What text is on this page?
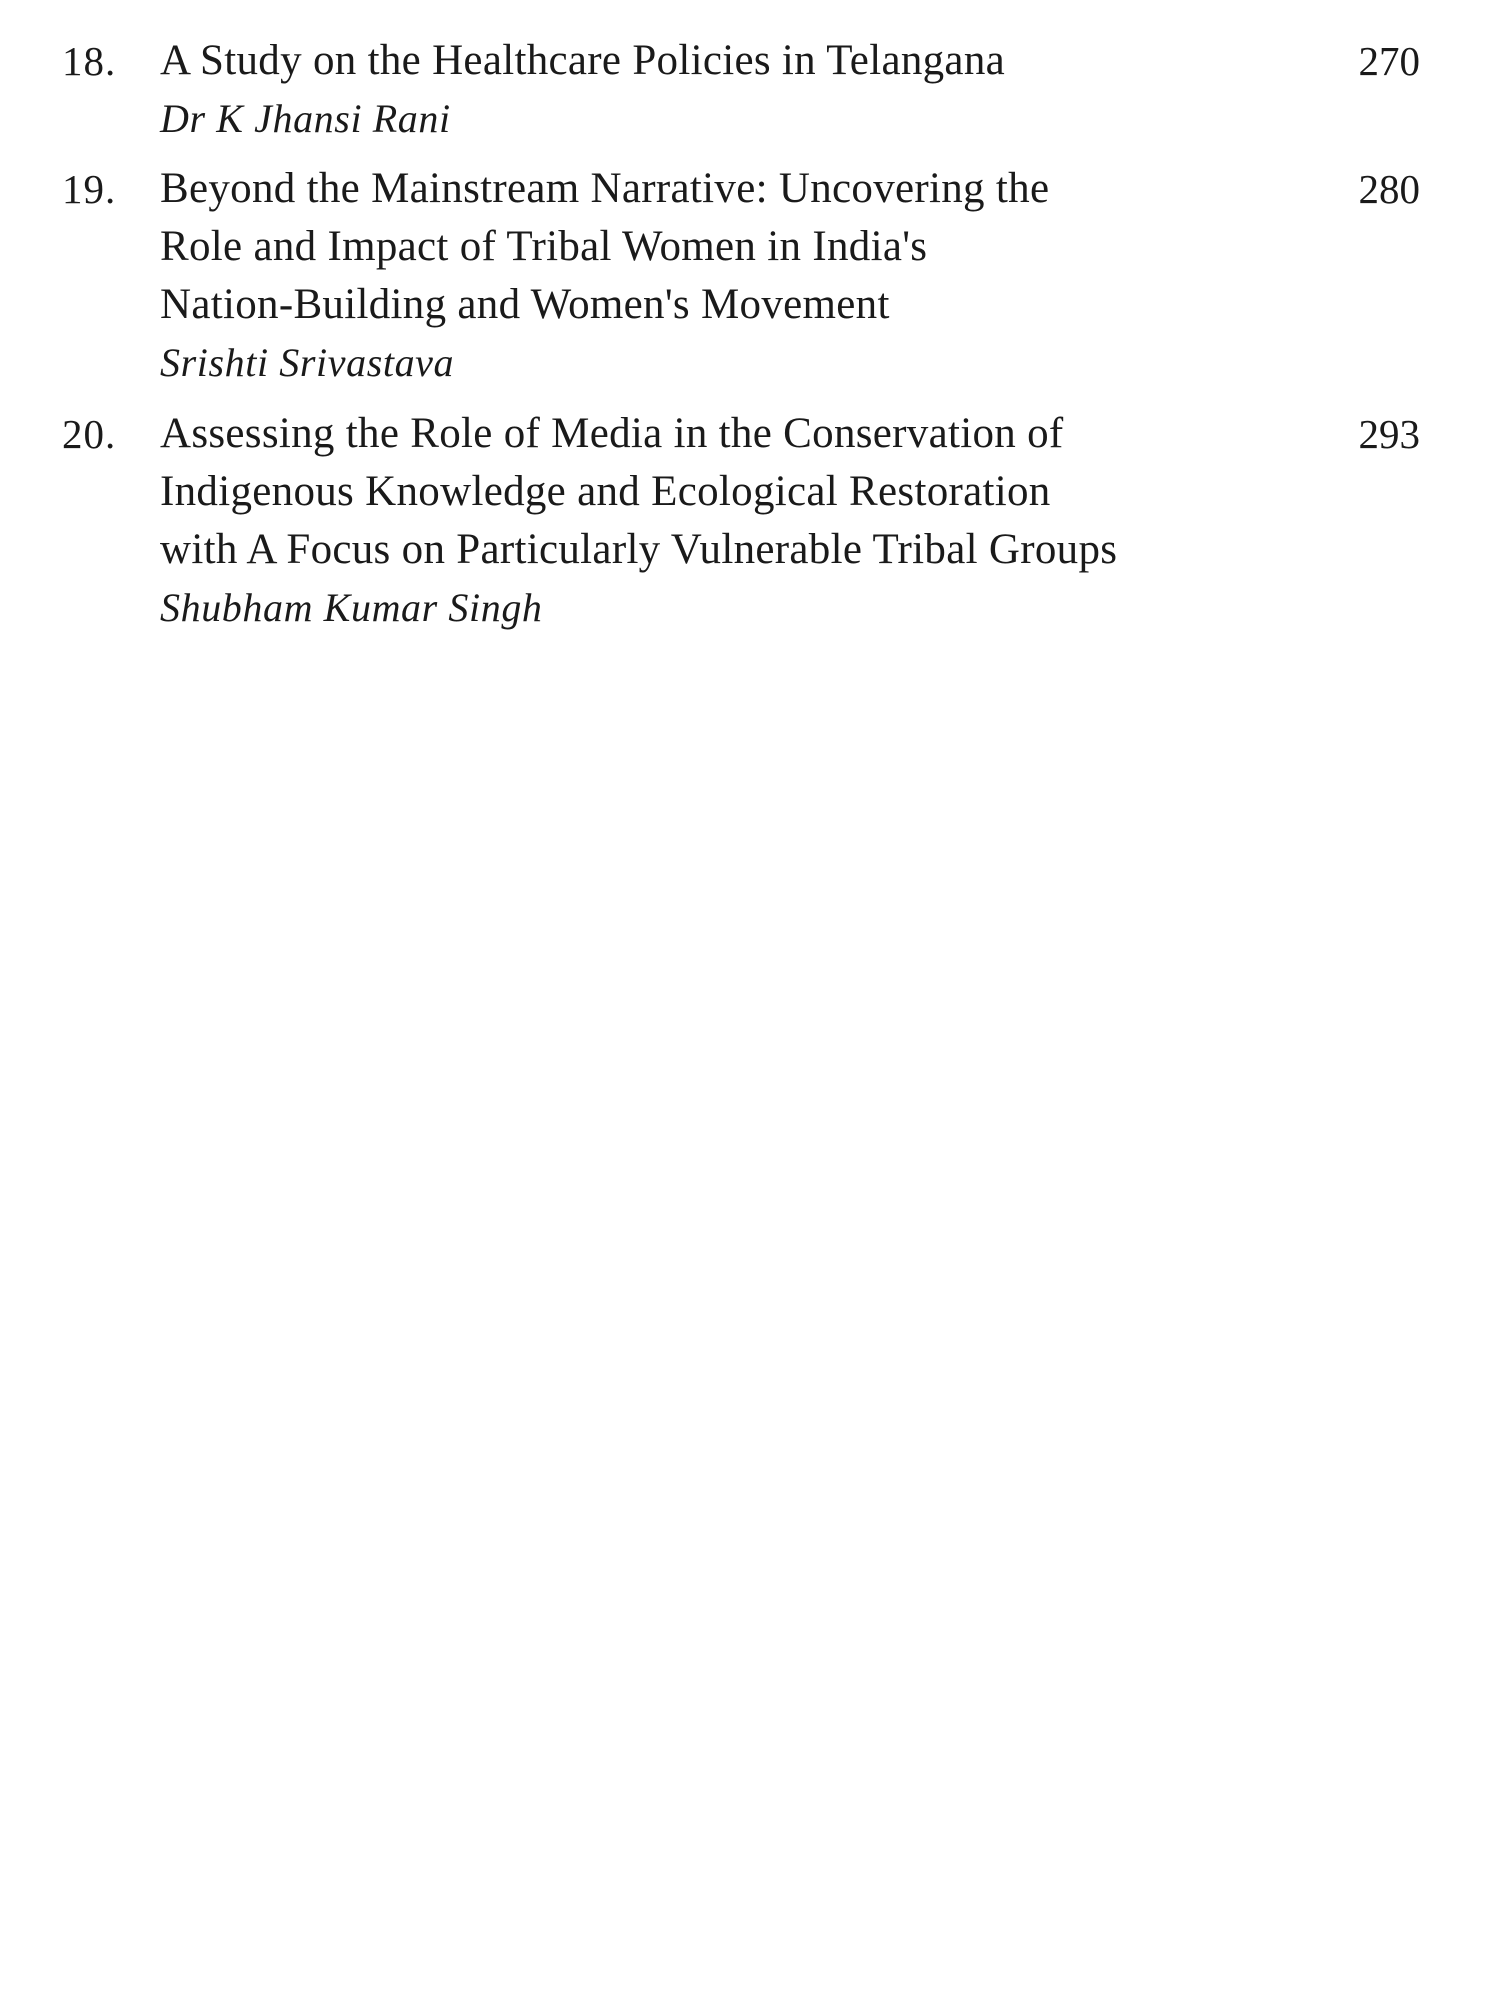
18. A Study on the Healthcare Policies in Telangana
Dr K Jhansi Rani
270
19. Beyond the Mainstream Narrative: Uncovering the
Role and Impact of Tribal Women in India's
Nation-Building and Women's Movement
Srishti Srivastava
280
20. Assessing the Role of Media in the Conservation of
Indigenous Knowledge and Ecological Restoration
with A Focus on Particularly Vulnerable Tribal Groups
Shubham Kumar Singh
293
